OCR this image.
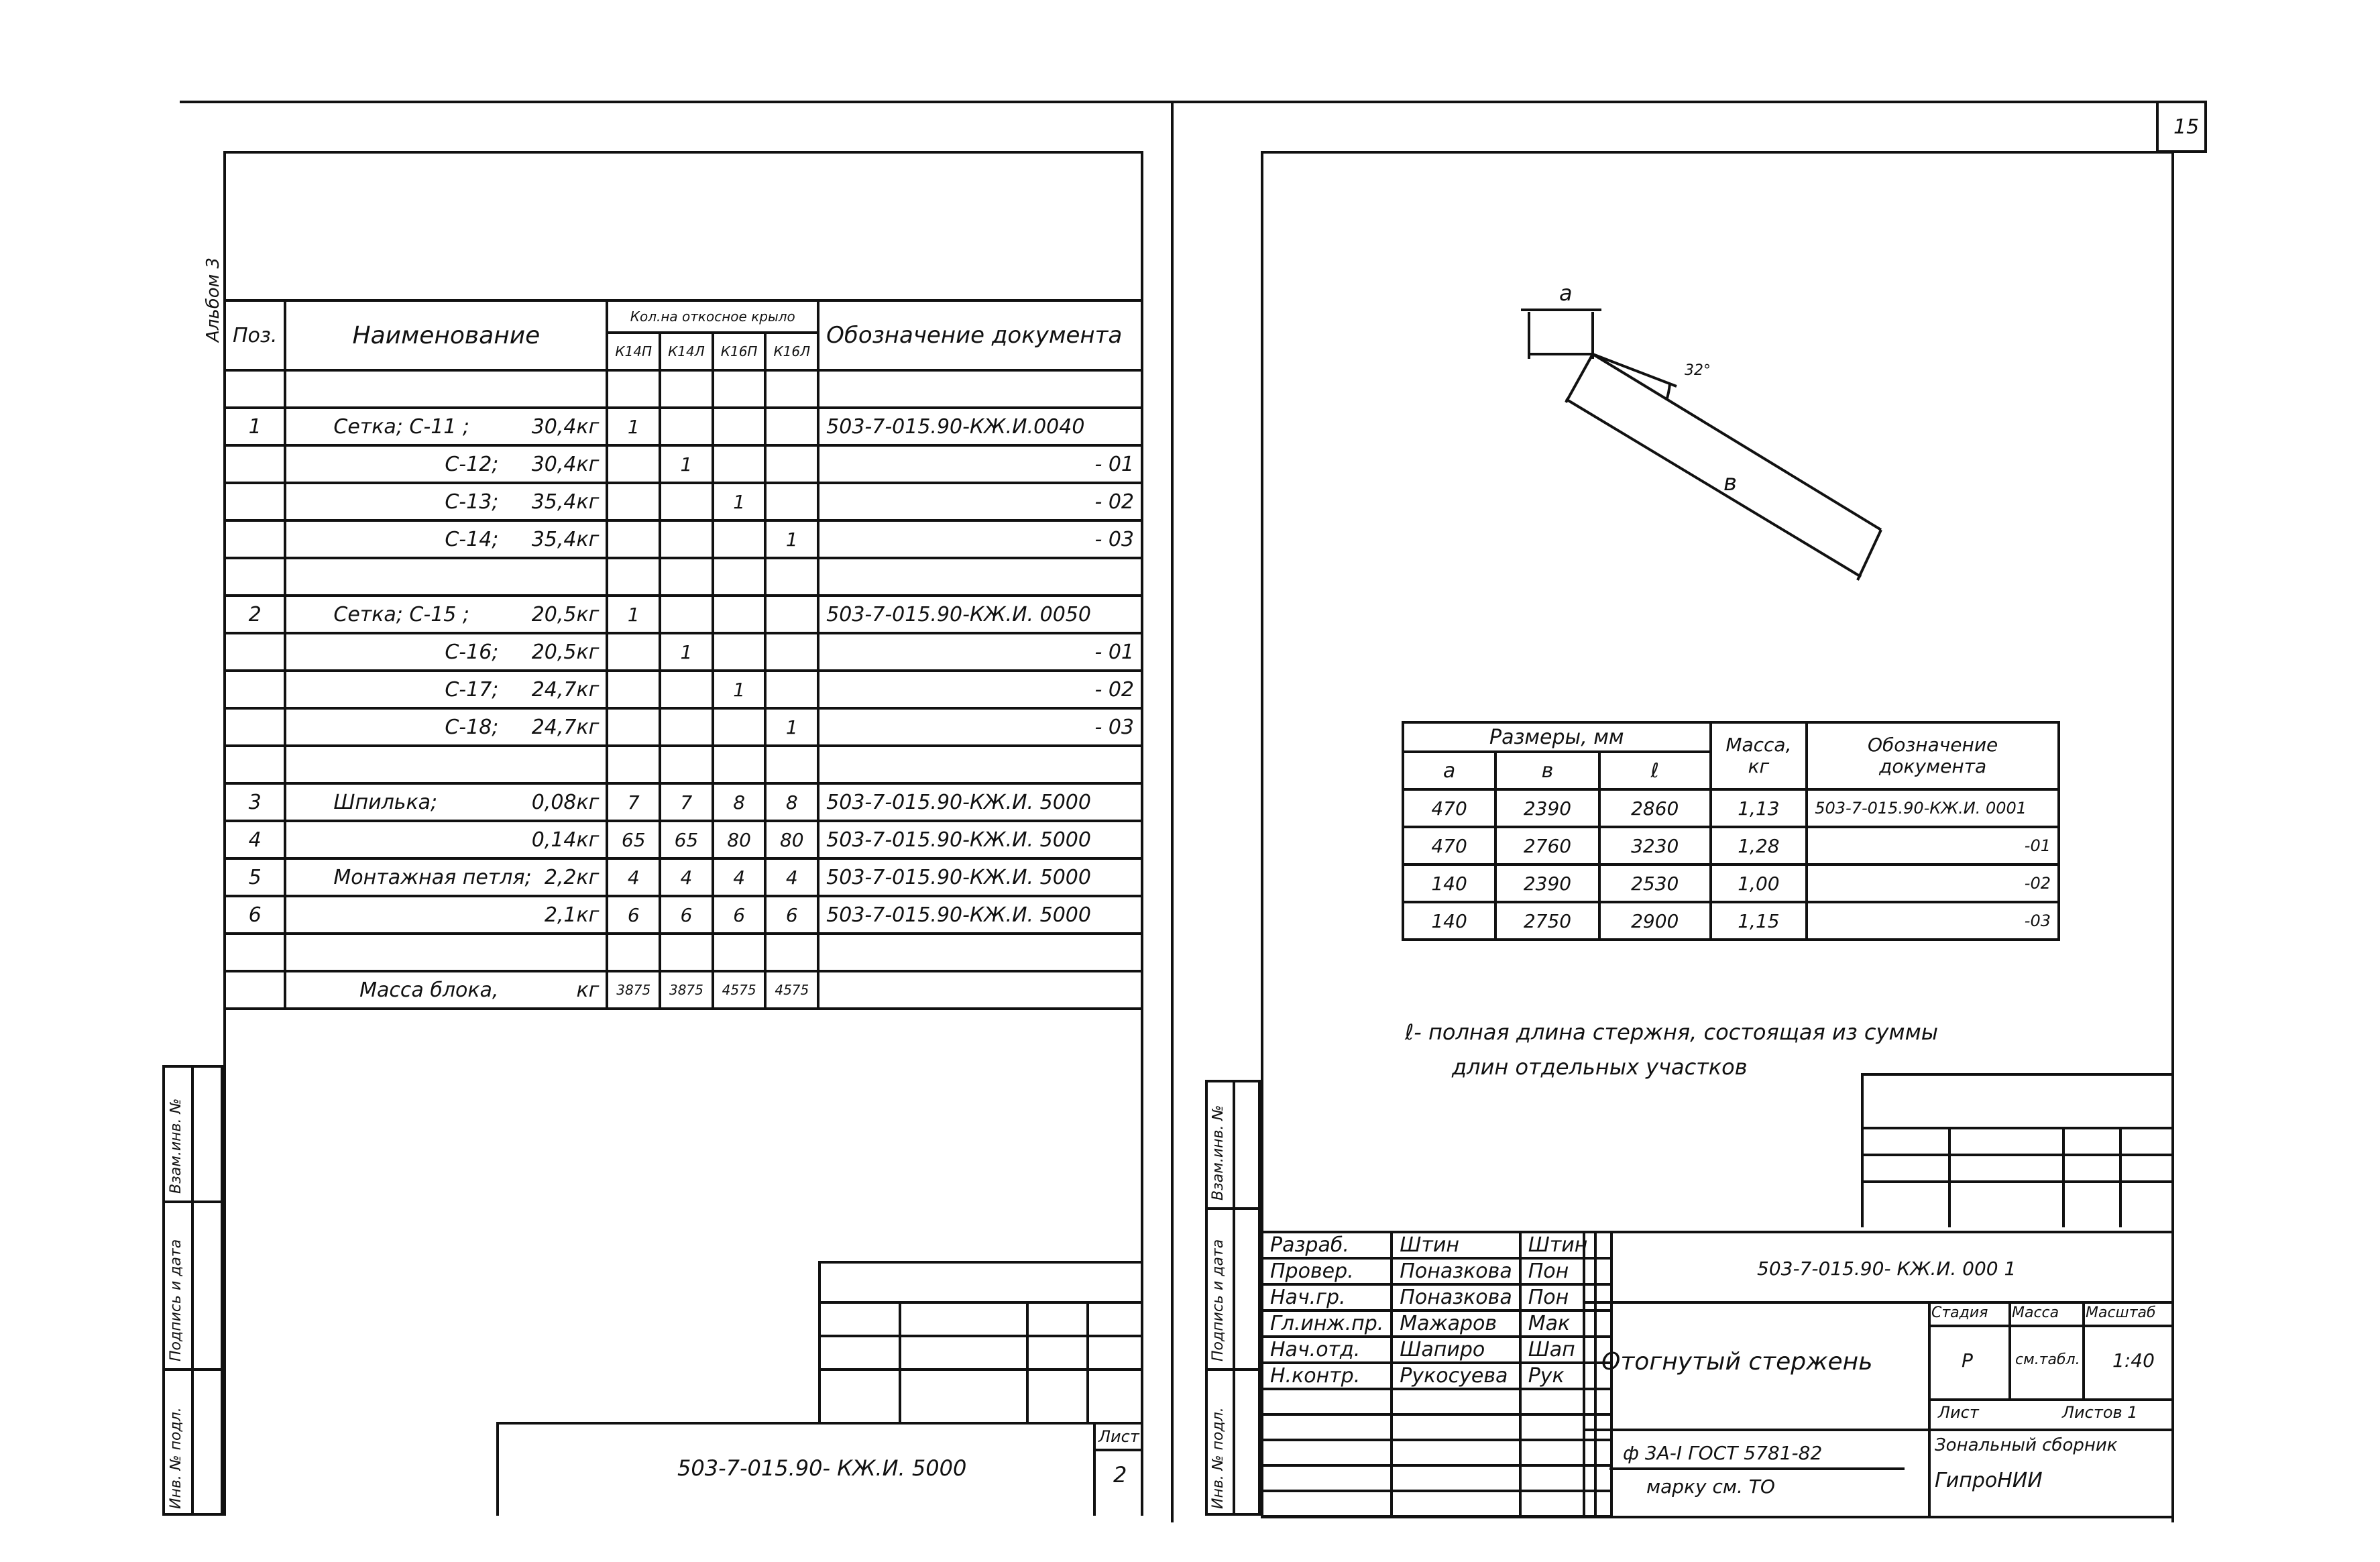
15
Альбом 3 Поз.	Наименование	Кол.на откосное крыло				Обозначение документа
		К14П	К14Л	К16П	К16Л	

1	Сетка; С-11 ; 30,4кг	1				503-7-015.90-КЖ.И.0040

	С-12; 30,4кг		1			- 01

	С-13; 35,4кг			1		- 02

	С-14; 35,4кг				1	- 03

2	Сетка; С-15 ; 20,5кг	1				503-7-015.90-КЖ.И. 0050

	С-16; 20,5кг		1			- 01

	С-17; 24,7кг			1		- 02

	С-18; 24,7кг				1	- 03

3	Шпилька; 0,08кг	7	7	8	8	503-7-015.90-КЖ.И. 5000
4	0,14кг	65	65	80	80	503-7-015.90-КЖ.И. 5000
5	Монтажная петля; 2,2кг	4	4	4	4	503-7-015.90-КЖ.И. 5000
6	2,1кг	6	6	6	6	503-7-015.90-КЖ.И. 5000

	Масса блока, кг	3875	3875	4575	4575	
Инв. № подл.
Подпись и дата
Взам.инв. №
503-7-015.90- КЖ.И. 5000
Лист
2
а
32°
в
Размеры, мм			Масса, кг	Обозначение документа
а	в	ℓ		
470	2390	2860	1,13	503-7-015.90-КЖ.И. 0001
470	2760	3230	1,28	-01
140	2390	2530	1,00	-02
140	2750	2900	1,15	-03
ℓ- полная длина стержня, состоящая из суммы
длин отдельных участков
Инв. № подл.
Подпись и дата
Взам.инв. №
Разраб.	Штин	Штин	
Провер.	Поназкова	Пон	
Нач.гр.	Поназкова	Пон	
Гл.инж.пр.	Мажаров	Мак	
Нач.отд.	Шапиро	Шап	
Н.контр.	Рукосуева	Рук	

503-7-015.90- КЖ.И. 000 1
Отогнутый стержень
Стадия Масса Масштаб
Р	см.табл. 1:40
Лист	Листов 1
ф 3А-I ГОСТ 5781-82
марку см. ТО
Зональный сборник
ГипроНИИ
